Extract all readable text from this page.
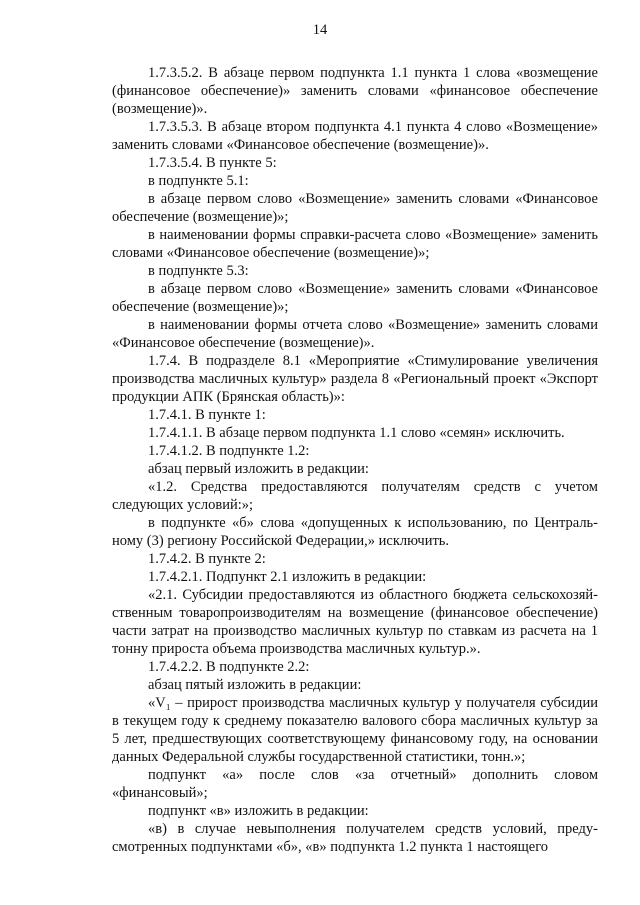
14

1.7.3.5.2. В абзаце первом подпункта 1.1 пункта 1 слова «возмещение (финансовое обеспечение)» заменить словами «финансовое обеспечение (возмещение)».

1.7.3.5.3. В абзаце втором подпункта 4.1 пункта 4 слово «Возмещение» заменить словами «Финансовое обеспечение (возмещение)».

1.7.3.5.4. В пункте 5:

в подпункте 5.1:

в абзаце первом слово «Возмещение» заменить словами «Финансовое обеспечение (возмещение)»;

в наименовании формы справки-расчета слово «Возмещение» заменить словами «Финансовое обеспечение (возмещение)»;

в подпункте 5.3:

в абзаце первом слово «Возмещение» заменить словами «Финансовое обеспечение (возмещение)»;

в наименовании формы отчета слово «Возмещение» заменить словами «Финансовое обеспечение (возмещение)».

1.7.4. В подразделе 8.1 «Мероприятие «Стимулирование увеличения производства масличных культур» раздела 8 «Региональный проект «Экспорт продукции АПК (Брянская область)»:

1.7.4.1. В пункте 1:

1.7.4.1.1. В абзаце первом подпункта 1.1 слово «семян» исключить.

1.7.4.1.2. В подпункте 1.2:

абзац первый изложить в редакции:

«1.2. Средства предоставляются получателям средств с учетом следующих условий:»;

в подпункте «б» слова «допущенных к использованию, по Централь-ному (3) региону Российской Федерации,» исключить.

1.7.4.2. В пункте 2:

1.7.4.2.1. Подпункт 2.1 изложить в редакции:

«2.1. Субсидии предоставляются из областного бюджета сельскохозяй-ственным товаропроизводителям на возмещение (финансовое обеспечение) части затрат на производство масличных культур по ставкам из расчета на 1 тонну прироста объема производства масличных культур.».

1.7.4.2.2. В подпункте 2.2:

абзац пятый изложить в редакции:

«V₁ – прирост производства масличных культур у получателя субсидии в текущем году к среднему показателю валового сбора масличных культур за 5 лет, предшествующих соответствующему финансовому году, на основании данных Федеральной службы государственной статистики, тонн.»;

подпункт «а» после слов «за отчетный» дополнить словом «финансовый»;

подпункт «в» изложить в редакции:

«в) в случае невыполнения получателем средств условий, преду-смотренных подпунктами «б», «в» подпункта 1.2 пункта 1 настоящего
